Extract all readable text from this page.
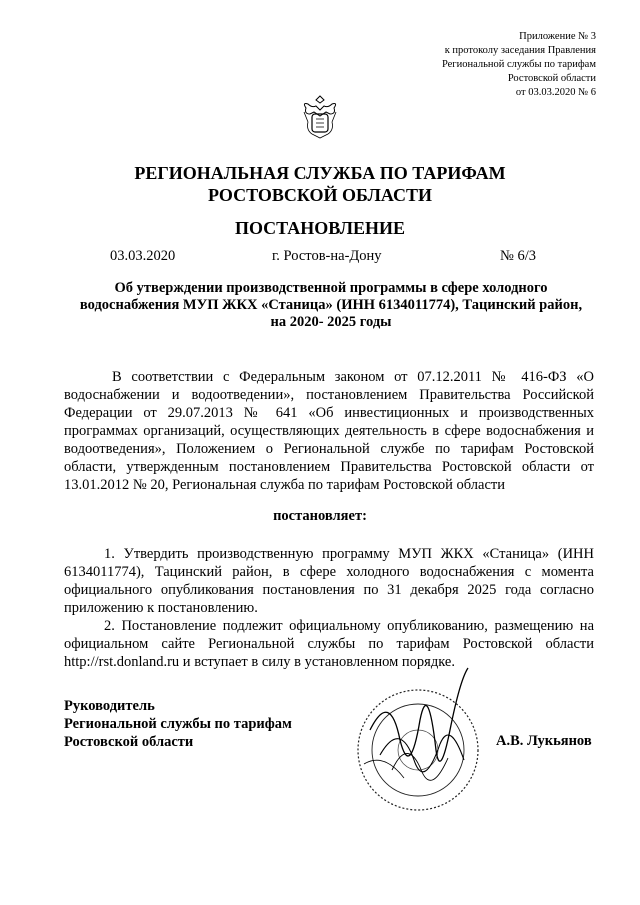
Приложение № 3
к протоколу заседания Правления
Региональной службы по тарифам
Ростовской области
от 03.03.2020 № 6
РЕГИОНАЛЬНАЯ СЛУЖБА ПО ТАРИФАМ
РОСТОВСКОЙ ОБЛАСТИ
ПОСТАНОВЛЕНИЕ
03.03.2020	г. Ростов-на-Дону	№ 6/3
Об утверждении производственной программы в сфере холодного
водоснабжения МУП ЖКХ «Станица» (ИНН 6134011774), Тацинский район,
на 2020- 2025 годы
В соответствии с Федеральным законом от 07.12.2011 № 416-ФЗ «О водоснабжении и водоотведении», постановлением Правительства Российской Федерации от 29.07.2013 № 641 «Об инвестиционных и производственных программах организаций, осуществляющих деятельность в сфере водоснабжения и водоотведения», Положением о Региональной службе по тарифам Ростовской области, утвержденным постановлением Правительства Ростовской области от 13.01.2012 № 20, Региональная служба по тарифам Ростовской области
постановляет:

1. Утвердить производственную программу МУП ЖКХ «Станица» (ИНН 6134011774), Тацинский район, в сфере холодного водоснабжения с момента официального опубликования постановления по 31 декабря 2025 года согласно приложению к постановлению.

2. Постановление подлежит официальному опубликованию, размещению на официальном сайте Региональной службы по тарифам Ростовской области http://rst.donland.ru и вступает в силу в установленном порядке.

Руководитель
Региональной службы по тарифам
Ростовской области	А.В. Лукьянов
